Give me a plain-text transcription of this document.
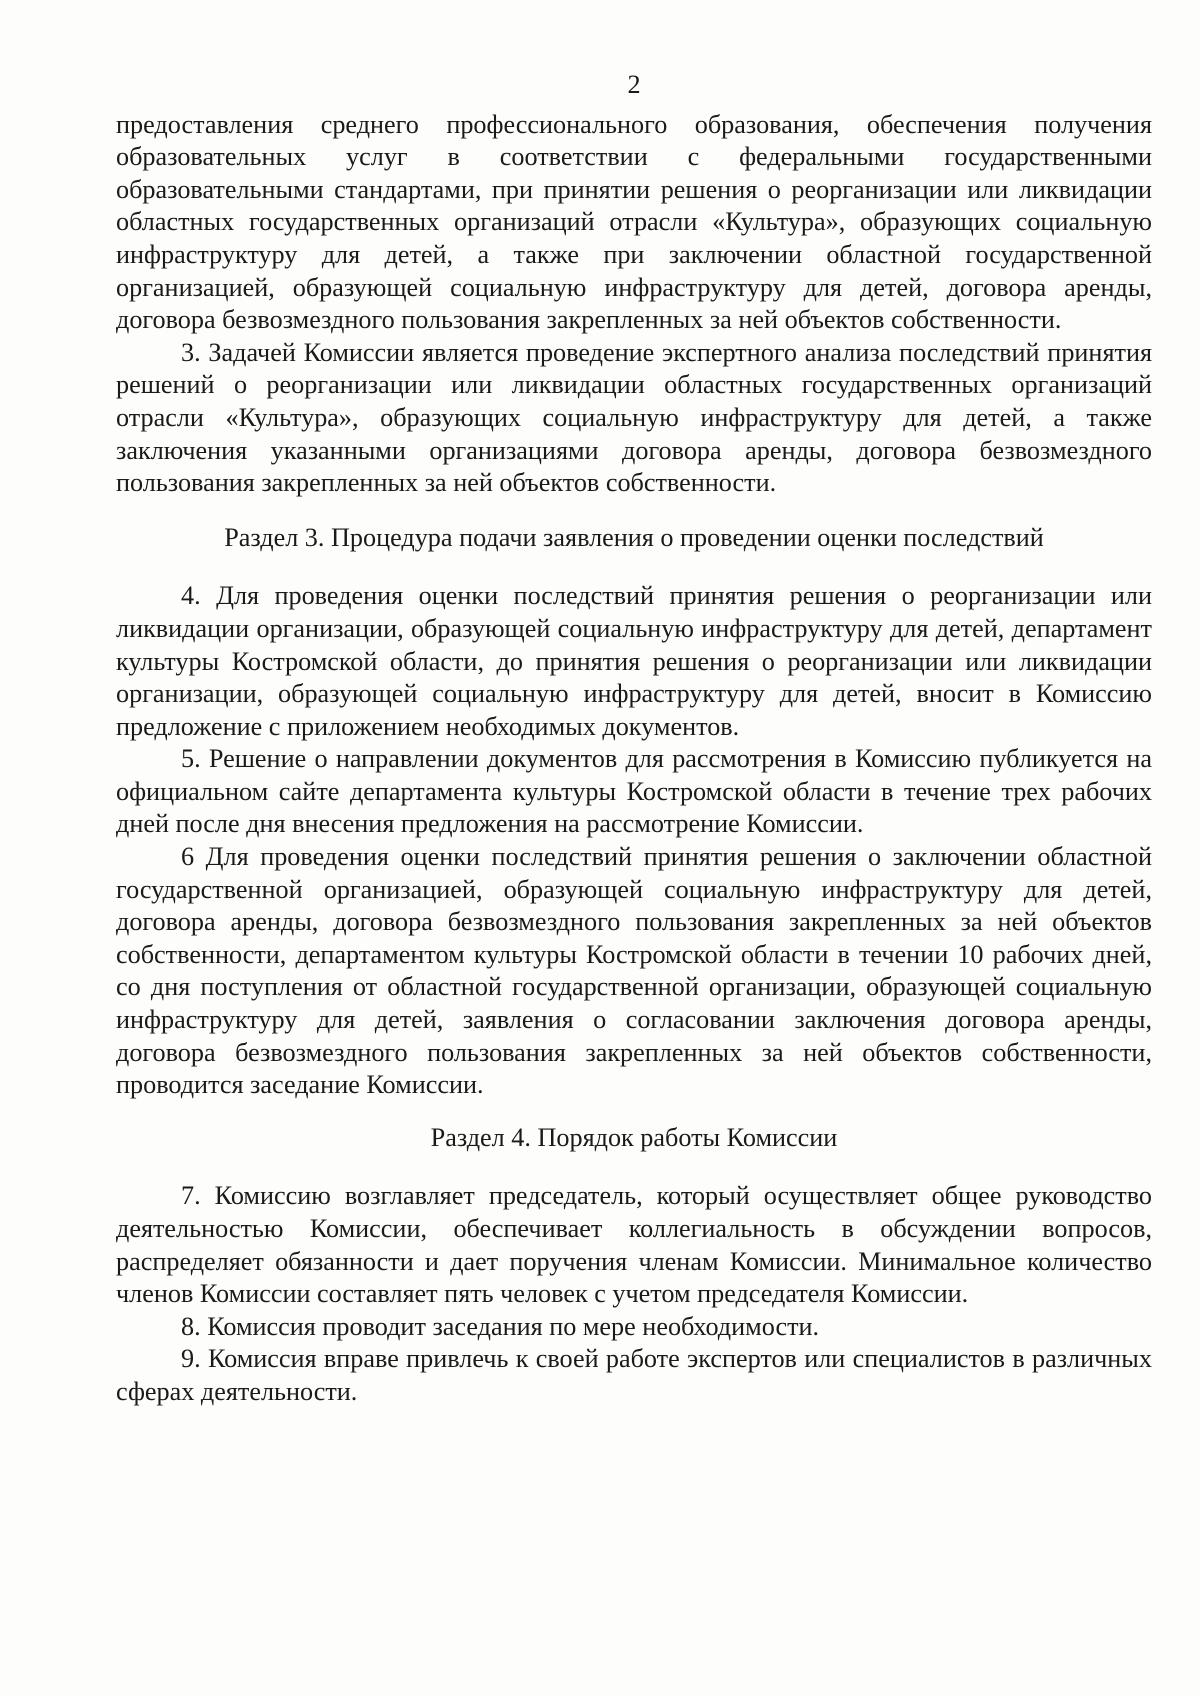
2

предоставления среднего профессионального образования, обеспечения получения образовательных услуг в соответствии с федеральными государственными образовательными стандартами, при принятии решения о реорганизации или ликвидации областных государственных организаций отрасли «Культура», образующих социальную инфраструктуру для детей, а также при заключении областной государственной организацией, образующей социальную инфраструктуру для детей, договора аренды, договора безвозмездного пользования закрепленных за ней объектов собственности.

3. Задачей Комиссии является проведение экспертного анализа последствий принятия решений о реорганизации или ликвидации областных государственных организаций отрасли «Культура», образующих социальную инфраструктуру для детей, а также заключения указанными организациями договора аренды, договора безвозмездного пользования закрепленных за ней объектов собственности.

Раздел 3. Процедура подачи заявления о проведении оценки последствий

4. Для проведения оценки последствий принятия решения о реорганизации или ликвидации организации, образующей социальную инфраструктуру для детей, департамент культуры Костромской области, до принятия решения о реорганизации или ликвидации организации, образующей социальную инфраструктуру для детей, вносит в Комиссию предложение с приложением необходимых документов.

5. Решение о направлении документов для рассмотрения в Комиссию публикуется на официальном сайте департамента культуры Костромской области в течение трех рабочих дней после дня внесения предложения на рассмотрение Комиссии.

6 Для проведения оценки последствий принятия решения о заключении областной государственной организацией, образующей социальную инфраструктуру для детей, договора аренды, договора безвозмездного пользования закрепленных за ней объектов собственности, департаментом культуры Костромской области в течении 10 рабочих дней, со дня поступления от областной государственной организации, образующей социальную инфраструктуру для детей, заявления о согласовании заключения договора аренды, договора безвозмездного пользования закрепленных за ней объектов собственности, проводится заседание Комиссии.

Раздел 4. Порядок работы Комиссии

7. Комиссию возглавляет председатель, который осуществляет общее руководство деятельностью Комиссии, обеспечивает коллегиальность в обсуждении вопросов, распределяет обязанности и дает поручения членам Комиссии. Минимальное количество членов Комиссии составляет пять человек с учетом председателя Комиссии.

8. Комиссия проводит заседания по мере необходимости.

9. Комиссия вправе привлечь к своей работе экспертов или специалистов в различных сферах деятельности.
